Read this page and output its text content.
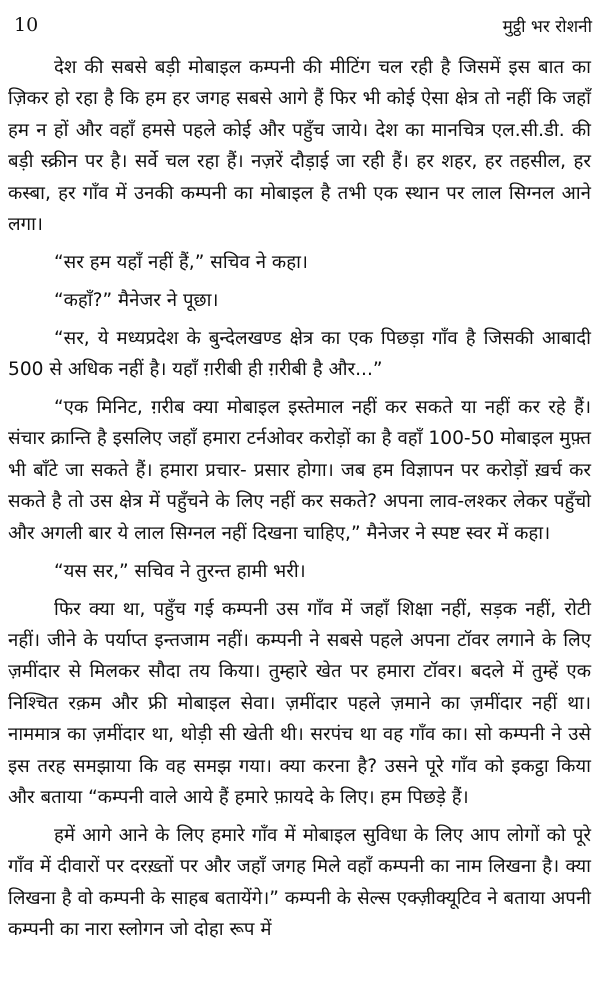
10	मुट्ठी भर रोशनी

देश की सबसे बड़ी मोबाइल कम्पनी की मीटिंग चल रही है जिसमें इस बात का ज़िकर हो रहा है कि हम हर जगह सबसे आगे हैं फिर भी कोई ऐसा क्षेत्र तो नहीं कि जहाँ हम न हों और वहाँ हमसे पहले कोई और पहुँच जाये। देश का मानचित्र एल.सी.डी. की बड़ी स्क्रीन पर है। सर्वे चल रहा हैं। नज़रें दौड़ाई जा रही हैं। हर शहर, हर तहसील, हर कस्बा, हर गाँव में उनकी कम्पनी का मोबाइल है तभी एक स्थान पर लाल सिग्नल आने लगा।

“सर हम यहाँ नहीं हैं,” सचिव ने कहा।

“कहाँ?” मैनेजर ने पूछा।

“सर, ये मध्यप्रदेश के बुन्देलखण्ड क्षेत्र का एक पिछड़ा गाँव है जिसकी आबादी 500 से अधिक नहीं है। यहाँ ग़रीबी ही ग़रीबी है और...”

“एक मिनिट, ग़रीब क्या मोबाइल इस्तेमाल नहीं कर सकते या नहीं कर रहे हैं। संचार क्रान्ति है इसलिए जहाँ हमारा टर्नओवर करोड़ों का है वहाँ 100-50 मोबाइल मुफ़्त भी बाँटे जा सकते हैं। हमारा प्रचार- प्रसार होगा। जब हम विज्ञापन पर करोड़ों ख़र्च कर सकते है तो उस क्षेत्र में पहुँचने के लिए नहीं कर सकते? अपना लाव-लश्कर लेकर पहुँचो और अगली बार ये लाल सिग्नल नहीं दिखना चाहिए,” मैनेजर ने स्पष्ट स्वर में कहा।

“यस सर,” सचिव ने तुरन्त हामी भरी।

फिर क्या था, पहुँच गई कम्पनी उस गाँव में जहाँ शिक्षा नहीं, सड़क नहीं, रोटी नहीं। जीने के पर्याप्त इन्तजाम नहीं। कम्पनी ने सबसे पहले अपना टॉवर लगाने के लिए ज़मींदार से मिलकर सौदा तय किया। तुम्हारे खेत पर हमारा टॉवर। बदले में तुम्हें एक निश्चित रक़म और फ्री मोबाइल सेवा। ज़मींदार पहले ज़माने का ज़मींदार नहीं था। नाममात्र का ज़मींदार था, थोड़ी सी खेती थी। सरपंच था वह गाँव का। सो कम्पनी ने उसे इस तरह समझाया कि वह समझ गया। क्या करना है? उसने पूरे गाँव को इकट्ठा किया और बताया “कम्पनी वाले आये हैं हमारे फ़ायदे के लिए। हम पिछड़े हैं।

हमें आगे आने के लिए हमारे गाँव में मोबाइल सुविधा के लिए आप लोगों को पूरे गाँव में दीवारों पर दरख़्तों पर और जहाँ जगह मिले वहाँ कम्पनी का नाम लिखना है। क्या लिखना है वो कम्पनी के साहब बतायेंगे।” कम्पनी के सेल्स एक्ज़ीक्यूटिव ने बताया अपनी कम्पनी का नारा स्लोगन जो दोहा रूप में
